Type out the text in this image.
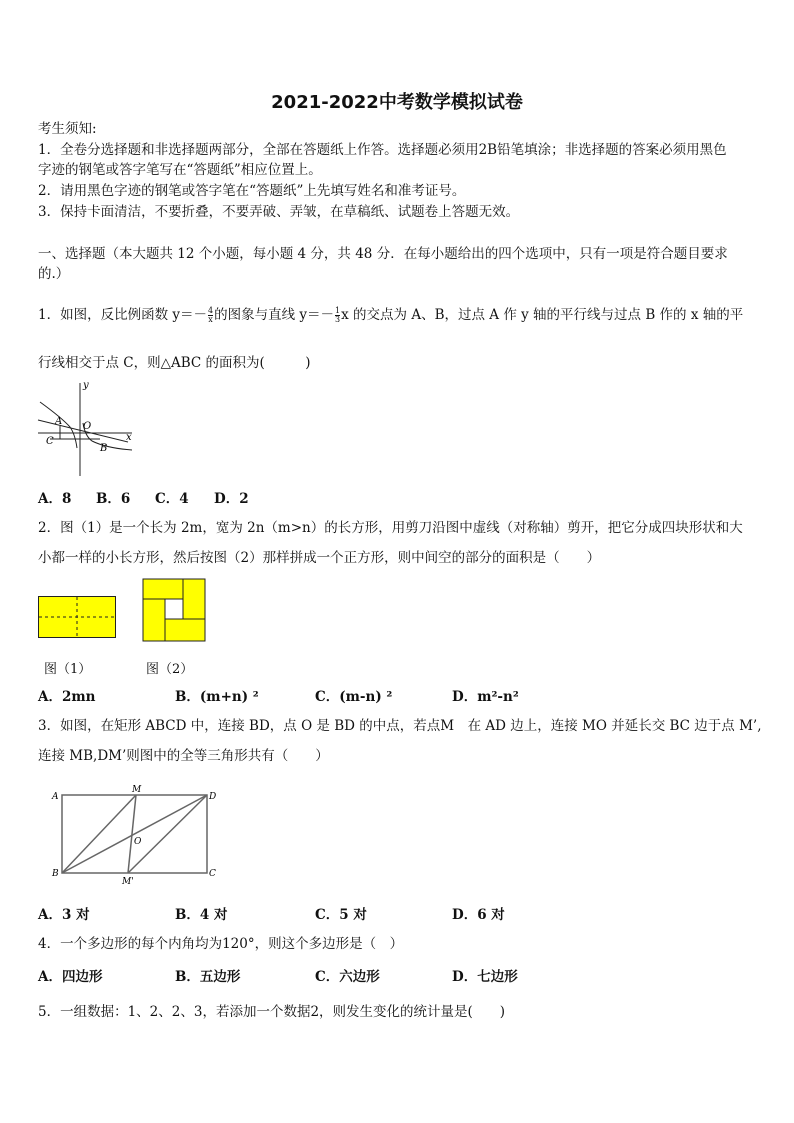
2021-2022中考数学模拟试卷
考生须知:
1．全卷分选择题和非选择题两部分，全部在答题纸上作答。选择题必须用2B铅笔填涂；非选择题的答案必须用黑色
字迹的钢笔或答字笔写在“答题纸”相应位置上。
2．请用黑色字迹的钢笔或答字笔在“答题纸”上先填写姓名和准考证号。
3．保持卡面清洁，不要折叠，不要弄破、弄皱，在草稿纸、试题卷上答题无效。
一、选择题（本大题共 12 个小题，每小题 4 分，共 48 分．在每小题给出的四个选项中，只有一项是符合题目要求
的.）
1．如图，反比例函数 $y=- \frac{4}{x}$ 的图象与直线 $y=- \frac{1}{3}$ x 的交点为 A、B，过点 A 作 y 轴的平行线与过点 B 作的 x 轴的平
行线相交于点 C，则△ABC 的面积为(　　　)
y
x
A O
C
B
A．8 B．6 C．4 D．2
2．图（1）是一个长为 2m，宽为 2n（m>n）的长方形，用剪刀沿图中虚线（对称轴）剪开，把它分成四块形状和大
小都一样的小长方形，然后按图（2）那样拼成一个正方形，则中间空的部分的面积是（　　）
图（1）	图（2）
A．2mn	B．(m+n) ²	C．(m-n) ²	D．m²-n²
3．如图，在矩形 ABCD 中，连接 BD，点 O 是 BD 的中点，若点M　在 AD 边上，连接 MO 并延长交 BC 边于点 M’,
连接 MB,DM’则图中的全等三角形共有（　　）
A
M
D
O
B
M'
C
A．3 对	B．4 对	C．5 对	D．6 对
4．一个多边形的每个内角均为120°，则这个多边形是（　）
A．四边形	B．五边形	C．六边形	D．七边形
5．一组数据：1、2、2、3，若添加一个数据2，则发生变化的统计量是(　　)
